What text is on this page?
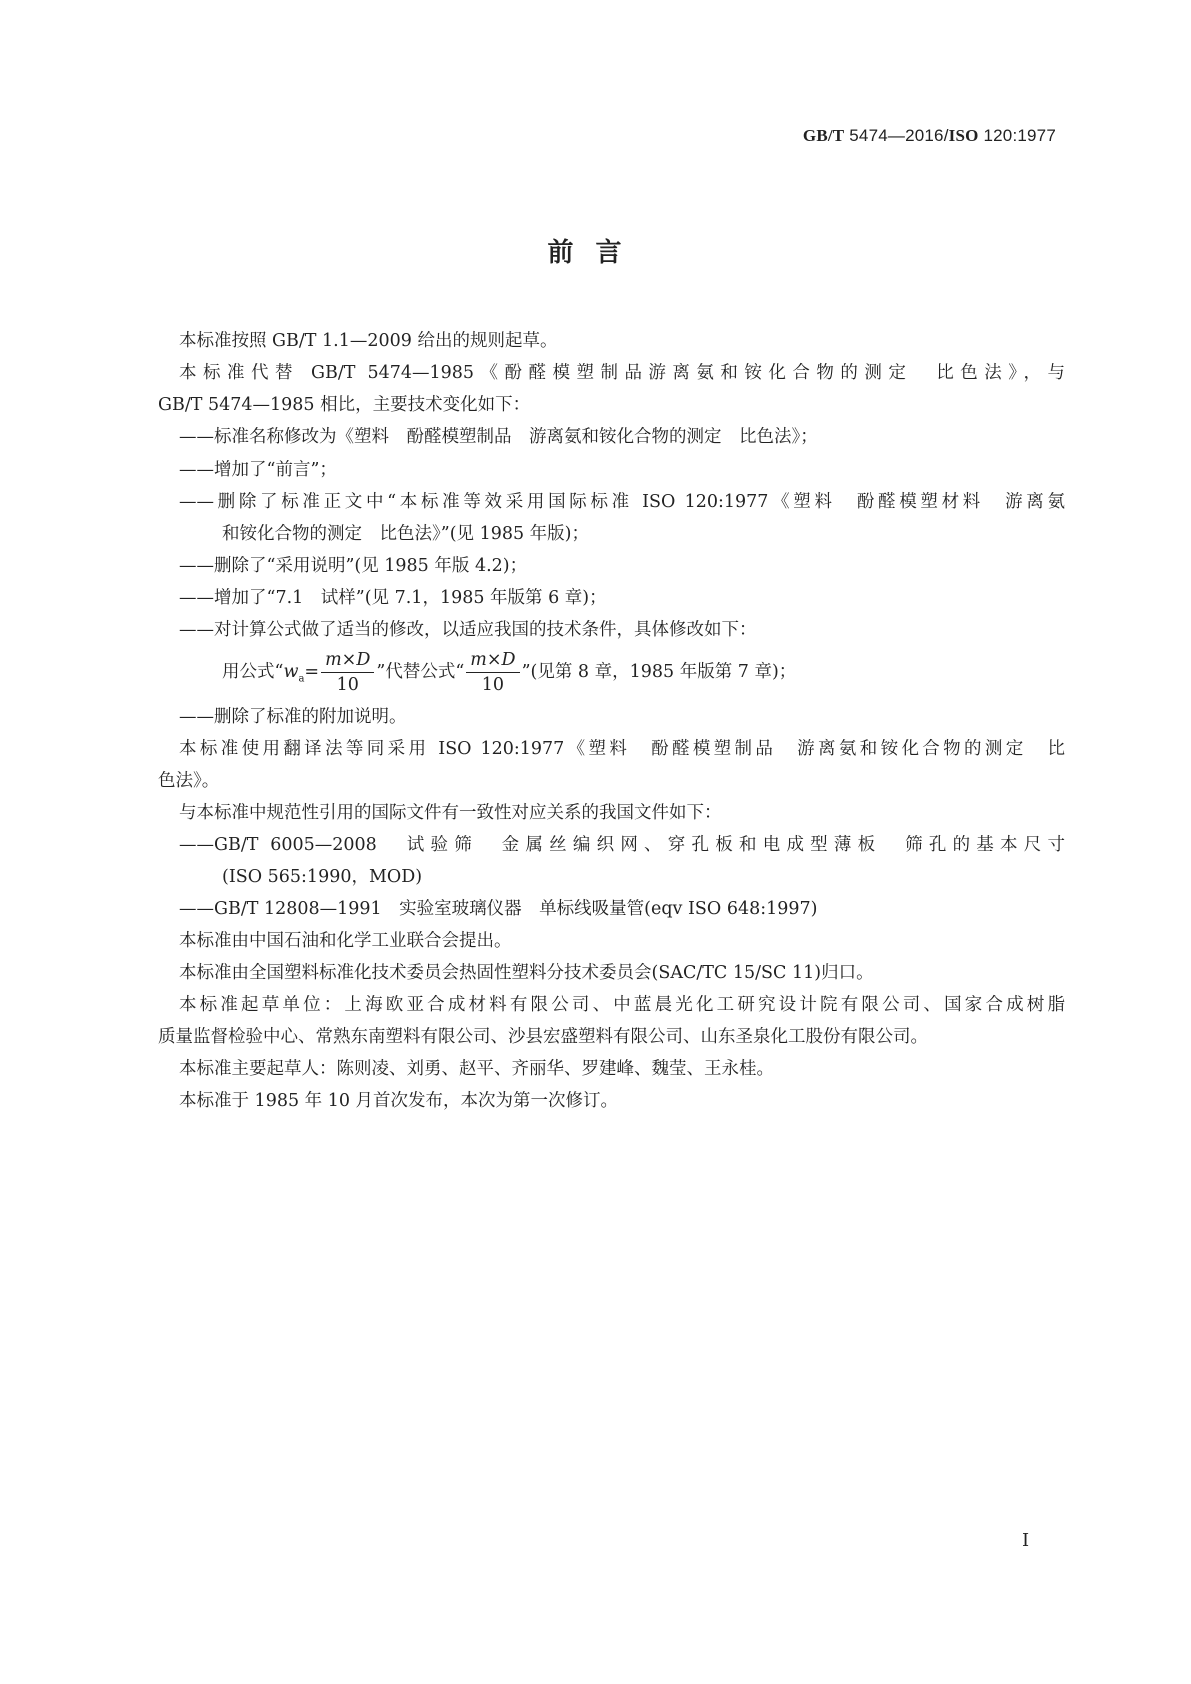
GB/T 5474—2016/ISO 120:1977
前言
本标准按照 GB/T 1.1—2009 给出的规则起草。
本标准代替 GB/T 5474—1985《酚醛模塑制品游离氨和铵化合物的测定　比色法》，与
GB/T 5474—1985 相比，主要技术变化如下：
——标准名称修改为《塑料　酚醛模塑制品　游离氨和铵化合物的测定　比色法》；
——增加了“前言”；
——删除了标准正文中“本标准等效采用国际标准 ISO 120:1977《塑料　酚醛模塑材料　游离氨
和铵化合物的测定　比色法》”(见 1985 年版)；
——删除了“采用说明”(见 1985 年版 4.2)；
——增加了“7.1　试样”(见 7.1，1985 年版第 6 章)；
——对计算公式做了适当的修改，以适应我国的技术条件，具体修改如下：
用公式“$w_a= \frac{m\times D}{10}$ ”代替公式“ $\frac{m\times D}{10}$ ”(见第 8 章，1985 年版第 7 章)；
——删除了标准的附加说明。
本标准使用翻译法等同采用 ISO 120:1977《塑料　酚醛模塑制品　游离氨和铵化合物的测定　比
色法》。
与本标准中规范性引用的国际文件有一致性对应关系的我国文件如下：
——GB/T 6005—2008　试验筛　金属丝编织网、穿孔板和电成型薄板　筛孔的基本尺寸
(ISO 565:1990，MOD)
——GB/T 12808—1991　实验室玻璃仪器　单标线吸量管(eqv ISO 648:1997)
本标准由中国石油和化学工业联合会提出。
本标准由全国塑料标准化技术委员会热固性塑料分技术委员会(SAC/TC 15/SC 11)归口。
本标准起草单位：上海欧亚合成材料有限公司、中蓝晨光化工研究设计院有限公司、国家合成树脂
质量监督检验中心、常熟东南塑料有限公司、沙县宏盛塑料有限公司、山东圣泉化工股份有限公司。
本标准主要起草人：陈则凌、刘勇、赵平、齐丽华、罗建峰、魏莹、王永桂。
本标准于 1985 年 10 月首次发布，本次为第一次修订。
I
